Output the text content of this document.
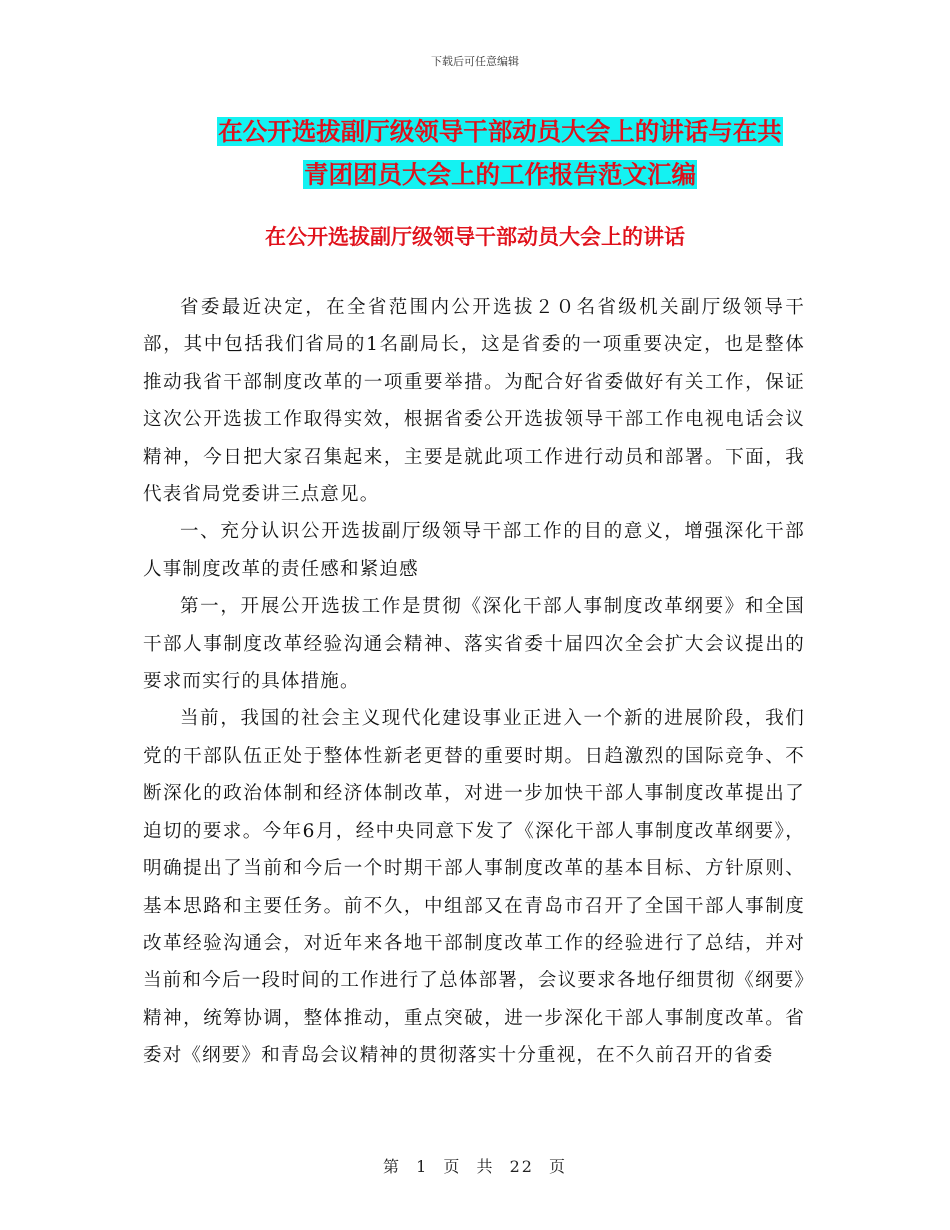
下载后可任意编辑
在公开选拔副厅级领导干部动员大会上的讲话与在共
青团团员大会上的工作报告范文汇编
在公开选拔副厅级领导干部动员大会上的讲话

省委最近决定，在全省范围内公开选拔２０名省级机关副厅级领导干部，其中包括我们省局的1名副局长，这是省委的一项重要决定，也是整体推动我省干部制度改革的一项重要举措。为配合好省委做好有关工作，保证这次公开选拔工作取得实效，根据省委公开选拔领导干部工作电视电话会议精神，今日把大家召集起来，主要是就此项工作进行动员和部署。下面，我代表省局党委讲三点意见。

一、充分认识公开选拔副厅级领导干部工作的目的意义，增强深化干部人事制度改革的责任感和紧迫感

第一，开展公开选拔工作是贯彻《深化干部人事制度改革纲要》和全国干部人事制度改革经验沟通会精神、落实省委十届四次全会扩大会议提出的要求而实行的具体措施。

当前，我国的社会主义现代化建设事业正进入一个新的进展阶段，我们党的干部队伍正处于整体性新老更替的重要时期。日趋激烈的国际竞争、不断深化的政治体制和经济体制改革，对进一步加快干部人事制度改革提出了迫切的要求。今年6月，经中央同意下发了《深化干部人事制度改革纲要》，明确提出了当前和今后一个时期干部人事制度改革的基本目标、方针原则、基本思路和主要任务。前不久，中组部又在青岛市召开了全国干部人事制度改革经验沟通会，对近年来各地干部制度改革工作的经验进行了总结，并对当前和今后一段时间的工作进行了总体部署，会议要求各地仔细贯彻《纲要》精神，统筹协调，整体推动，重点突破，进一步深化干部人事制度改革。省委对《纲要》和青岛会议精神的贯彻落实十分重视，在不久前召开的省委

第 1 页 共 22 页
